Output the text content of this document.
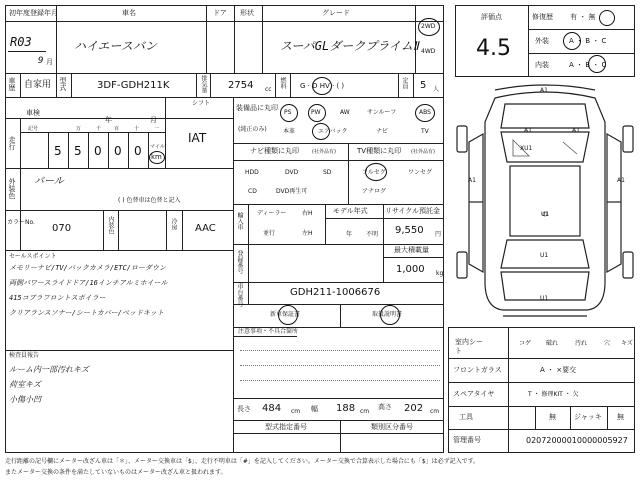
初年度登録年月	車名	ドア 形状	グレード
R03
9 月
ハイエースバン	スーパGLダークプライムⅡ
2WD
4WD
車歴 自家用 型式	3DF-GDH211K	排気量 2754 cc
燃料 G · D HV · ( )	定員 5 人
車検
年	月
シフト
IAT
走行
記号	万	千	百	十	一
5 5 0 0 0 マイル
km
外装色 パール
( ) 色替車は色替と記入
カラーNo.
070	内装色	冷房 AAC
セールスポイント
メモリーナビ/TV/バックカメラ/ETC/ローダウン
両側パワースライドドア/16インチアルミホイール
415コブラフロントスポイラー
クリアランスソナー/シートカバー/ベッドキット
検査員報告
ルーム内一部汚れキズ
荷室キズ
小傷小凹
装備品に丸印
(純正のみ)
PS	PW	AW	サンルーフ	ABS
本革	エアバック	ナビ	TV
ナビ種類に丸印	(社外品有)
HDD	DVD	SD
CD	DVD再生可
TV種類に丸印 (社外品有)
フルセグ	ワンセグ
アナログ
輸入車 ディーラー
並行
右H
左H
モデル年式
年 不明
リサイクル預託金
9,550 円
登録番号	最大積載量
1,000 kg
車台番号	GDH211-1006676
新車保証書	取扱説明書
注意事項・不具合箇所
長さ 484 cm 幅 188 cm
高さ 202 cm
型式指定番号	類別区分番号
評価点
4.5
修復歴 有 ・ 無
外装	A ・ B ・ C
内装	A ・ B ・ C
A1
A1	A1
A1	A1
XU1
U1
U1
U1
室内シート
コゲ 破れ	汚れ	穴 キズ
フロントガラス	A ・ ×要交
スペアタイヤ	T ・ 修理KIT ・ 欠
工具	無	ジャッキ 無
管理番号	02072000010000005927
走行距離の記号欄にメーター改ざん車は「＊」、メーター交換車は「$」、走行不明車は「#」を記入してください。メーター交換で合算表示した場合にも「$」は必ず記入です。
またメーター交換の条件を満たしていないものはメーター改ざん車と扱われます。
